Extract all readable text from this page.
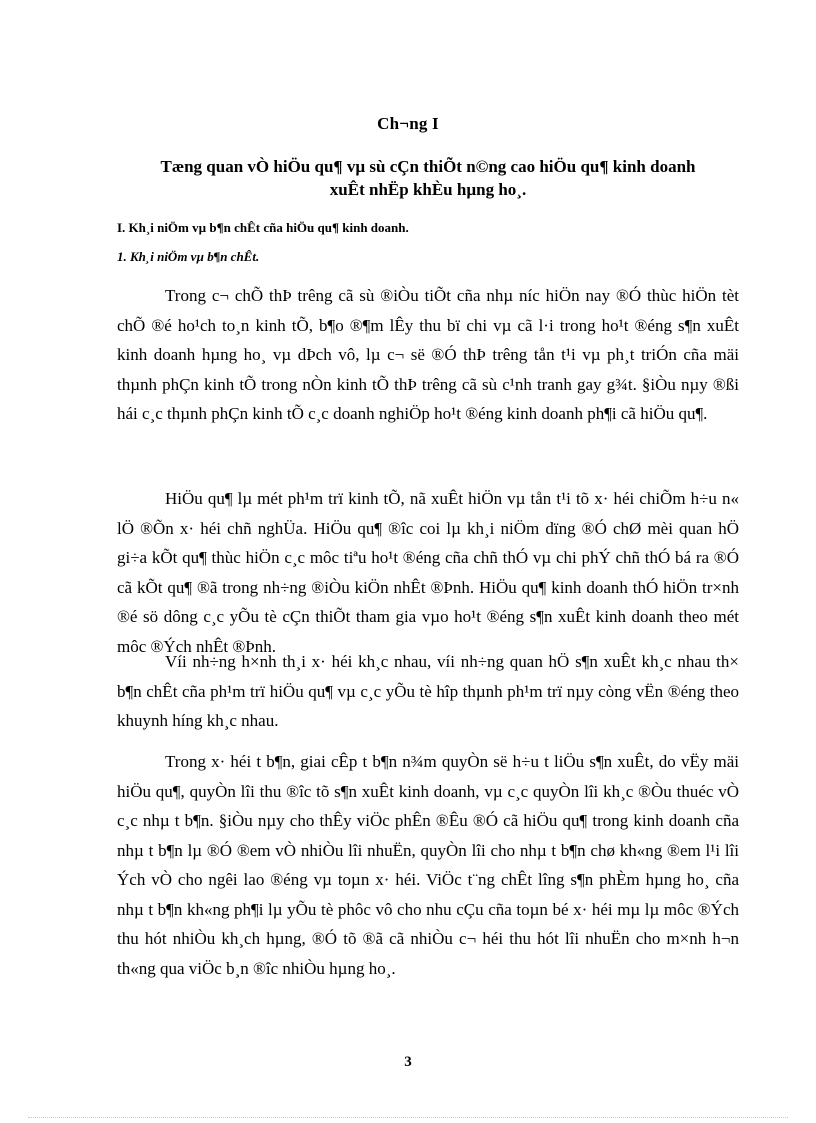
Ch¬ng I
Tæng quan vÒ hiÖu qu¶ vµ sù cÇn thiÕt n©ng cao hiÖu qu¶ kinh doanh
xuÊt nhËp khÈu hµng ho¸.
I. Kh¸i niÖm vµ b¶n chÊt cña hiÖu qu¶ kinh doanh.
1. Kh¸i niÖm vµ b¶n chÊt.

Trong c¬ chÕ thÞ trêng cã sù ®iÒu tiÕt cña nhµ níc hiÖn nay ®Ó thùc hiÖn tèt chÕ ®é ho¹ch to¸n kinh tÕ, b¶o ®¶m lÊy thu bï chi vµ cã l·i trong ho¹t ®éng s¶n xuÊt kinh doanh hµng ho¸ vµ dÞch vô, lµ c¬ së ®Ó thÞ trêng tån t¹i vµ ph¸t triÓn cña mäi thµnh phÇn kinh tÕ trong nÒn kinh tÕ thÞ trêng cã sù c¹nh tranh gay g¾t. §iÒu nµy ®ßi hái c¸c thµnh phÇn kinh tÕ c¸c doanh nghiÖp ho¹t ®éng kinh doanh ph¶i cã hiÖu qu¶.

HiÖu qu¶ lµ mét ph¹m trï kinh tÕ, nã xuÊt hiÖn vµ tån t¹i tõ x· héi chiÕm h÷u n« lÖ ®Õn x· héi chñ nghÜa. HiÖu qu¶ ®îc coi lµ kh¸i niÖm dïng ®Ó chØ mèi quan hÖ gi÷a kÕt qu¶ thùc hiÖn c¸c môc tiªu ho¹t ®éng cña chñ thÓ vµ chi phÝ chñ thÓ bá ra ®Ó cã kÕt qu¶ ®ã trong nh÷ng ®iÒu kiÖn nhÊt ®Þnh. HiÖu qu¶ kinh doanh thÓ hiÖn tr×nh ®é sö dông c¸c yÕu tè cÇn thiÕt tham gia vµo ho¹t ®éng s¶n xuÊt kinh doanh theo mét môc ®Ých nhÊt ®Þnh.

Víi nh÷ng h×nh th¸i x· héi kh¸c nhau, víi nh÷ng quan hÖ s¶n xuÊt kh¸c nhau th× b¶n chÊt cña ph¹m trï hiÖu qu¶ vµ c¸c yÕu tè hîp thµnh ph¹m trï nµy còng vËn ®éng theo khuynh híng kh¸c nhau.

Trong x· héi t b¶n, giai cÊp t b¶n n¾m quyÒn së h÷u t liÖu s¶n xuÊt, do vËy mäi hiÖu qu¶, quyÒn lîi thu ®îc tõ s¶n xuÊt kinh doanh, vµ c¸c quyÒn lîi kh¸c ®Òu thuéc vÒ c¸c nhµ t b¶n. §iÒu nµy cho thÊy viÖc phÊn ®Êu ®Ó cã hiÖu qu¶ trong kinh doanh cña nhµ t b¶n lµ ®Ó ®em vÒ nhiÒu lîi nhuËn, quyÒn lîi cho nhµ t b¶n chø kh«ng ®em l¹i lîi Ých vÒ cho ngêi lao ®éng vµ toµn x· héi. ViÖc t¨ng chÊt lîng s¶n phÈm hµng ho¸ cña nhµ t b¶n kh«ng ph¶i lµ yÕu tè phôc vô cho nhu cÇu cña toµn bé x· héi mµ lµ môc ®Ých thu hót nhiÒu kh¸ch hµng, ®Ó tõ ®ã cã nhiÒu c¬ héi thu hót lîi nhuËn cho m×nh h¬n th«ng qua viÖc b¸n ®îc nhiÒu hµng ho¸.

3
